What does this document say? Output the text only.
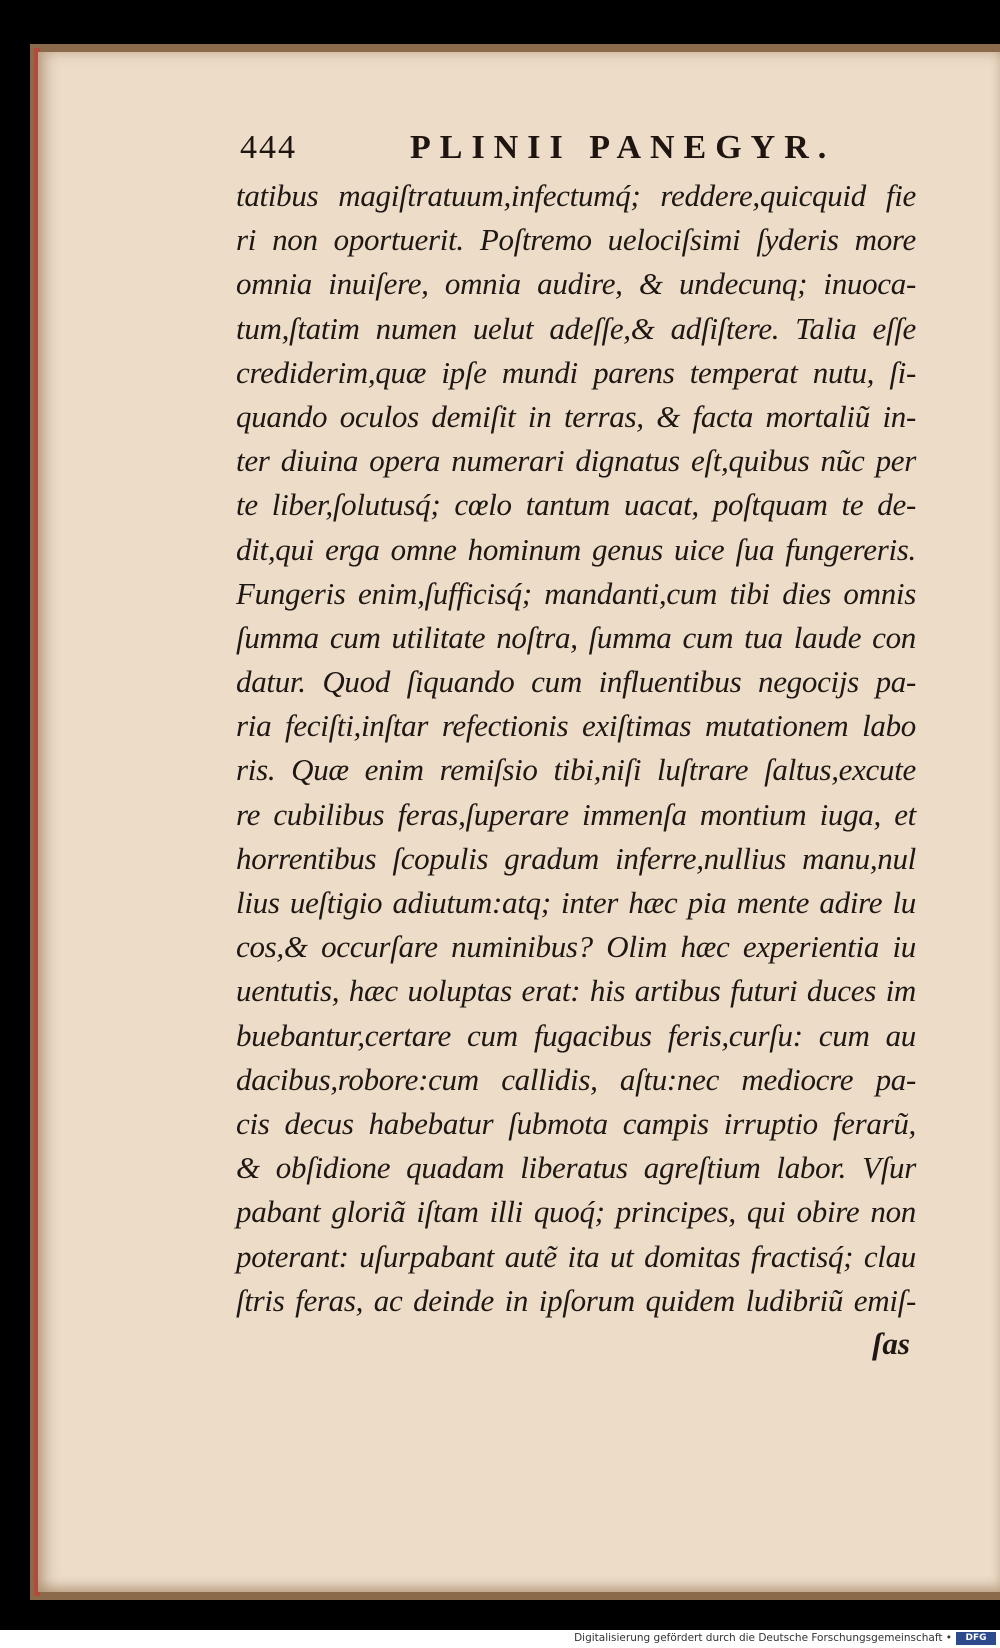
444	PLINII PANEGYR.
tatibus magiſtratuum,infectumq́; reddere,quicquid fie
ri non oportuerit. Poſtremo uelociſsimi ſyderis more
omnia inuiſere, omnia audire, & undecunq; inuoca-
tum,ſtatim numen uelut adeſſe,& adſiſtere. Talia eſſe
crediderim,quæ ipſe mundi parens temperat nutu, ſi-
quando oculos demiſit in terras, & facta mortaliũ in-
ter diuina opera numerari dignatus eſt,quibus nũc per
te liber,ſolutusq́; cœlo tantum uacat, poſtquam te de-
dit,qui erga omne hominum genus uice ſua fungereris.
Fungeris enim,ſufficisq́; mandanti,cum tibi dies omnis
ſumma cum utilitate noſtra, ſumma cum tua laude con
datur. Quod ſiquando cum influentibus negocijs pa-
ria feciſti,inſtar refectionis exiſtimas mutationem labo
ris. Quæ enim remiſsio tibi,niſi luſtrare ſaltus,excute
re cubilibus feras,ſuperare immenſa montium iuga, et
horrentibus ſcopulis gradum inferre,nullius manu,nul
lius ueſtigio adiutum:atq; inter hæc pia mente adire lu
cos,& occurſare numinibus? Olim hæc experientia iu
uentutis, hæc uoluptas erat: his artibus futuri duces im
buebantur,certare cum fugacibus feris,curſu: cum au
dacibus,robore:cum callidis, aſtu:nec mediocre pa-
cis decus habebatur ſubmota campis irruptio ferarũ,
& obſidione quadam liberatus agreſtium labor. Vſur
pabant gloriã iſtam illi quoq́; principes, qui obire non
poterant: uſurpabant autẽ ita ut domitas fractisq́; clau
ſtris feras, ac deinde in ipſorum quidem ludibriũ emiſ-
ſas
Digitalisierung gefördert durch die Deutsche Forschungsgemeinschaft •	DFG
